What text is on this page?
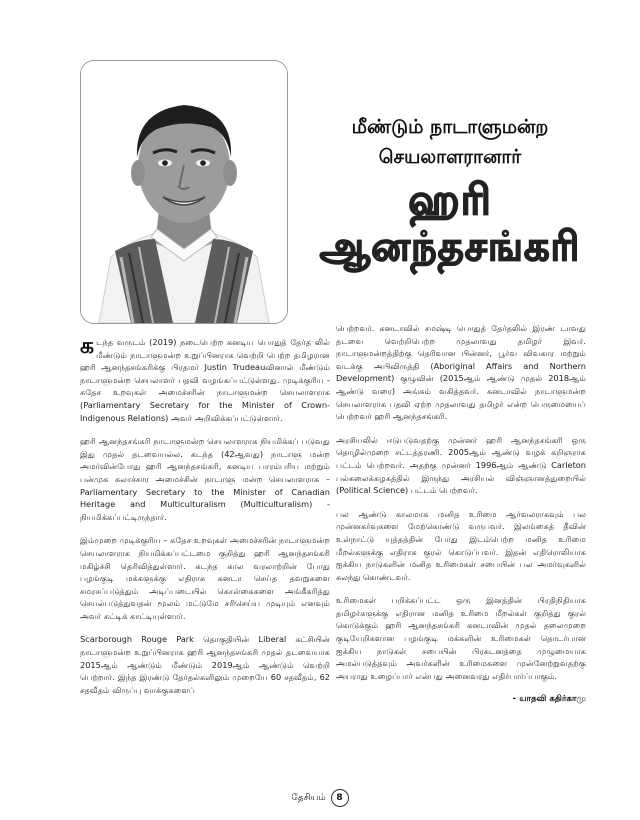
மீண்டும் நாடாளுமன்ற
செயலாளரானார்
ஹரி
ஆனந்தசங்கரி

கடந்த வருடம் (2019) நடைபெற்ற கனடிய பொதுத் தேர்த லில் மீண்டும் நாடாளுமன்ற உறுப்பினராக வெற்றி பெற்ற தமிழரான ஹரி ஆனந்தசங்கரிக்கு பிரதமர் Justin Trudeauவினால் மீண்டும் நாடாளுமன்ற செயலாளர் பதவி வழங்கப்பட்டுள்ளது. முடிக்குரிய - சுதேச உறவுகள் அமைச்சரின் நாடாளுமன்ற செயலாளராக (Parliamentary Secretary for the Minister of Crown- Indigenous Relations) அவர் அறிவிக்கப்பட்டுள்ளார்.

ஹரி ஆனந்தசங்கரி நாடாளுமன்ற செயலாளராக நியமிக்கப் படுவது இது முதல் தடவையல்ல. கடந்த (42ஆவது) நாடாளு மன்ற அமர்வின்போது ஹரி ஆனந்தசங்கரி, கனடிய பாரம்பரிய மற்றும் பன்முக கலாச்சார அமைச்சின் நாடாளு மன்ற செயலாளராக – Parliamentary Secretary to the Minister of Canadian Heritage and Multiculturalism (Multiculturalism) - நியமிக்கப்பட்டிருந்தார்.

இம்முறை முடிக்குரிய – சுதேச உறவுகள் அமைச்சரின் நாடாளுமன்ற செயலாளராக நியமிக்கப்பட்டமை குறித்து ஹரி ஆனந்தசங்கரி மகிழ்ச்சி தெரிவித்துள்ளார். கடந்த கால வரலாற்றின் போது பழங்குடி மக்களுக்கு எதிராக கனடா செய்த தவறுகளை சமரசப்படுத்தும் அடிப்படையில் கொள்கைகளை அங்கீகரித்து செயல்படுத்துவதன் மூலம் மட்டுமே சரிசெய்ய முடியும் எனவும் அவர் சுட்டிக் காட்டியுள்ளார்.

Scarborough Rouge Park தொகுதியின் Liberal கட்சியின் நாடாளுமன்ற உறுப்பினராக ஹரி ஆனந்தசங்கரி முதல் தடவையாக 2015ஆம் ஆண்டும் மீண்டும் 2019ஆம் ஆண்டும் வெற்றி பெற்றார். இந்த இரண்டு தேர்தல்களிலும் முறையே 60 சதவீதம், 62 சதவீதம் விருப்பு வாக்குகளைப்

பெற்றவர். கனடாவில் சமஷ்டி பொதுத் தேர்தலில் இரண் டாவது தடவை வெற்றிபெற்ற முதலாவது தமிழர் இவர். நாடாளுமன்றத்திற்கு தெரிவான பின்னர், பூர்வ விவகார மற்றும் வடக்கு அபிவிருத்தி (Aboriginal Affairs and Northern Development) குழுவின் (2015ஆம் ஆண்டு முதல் 2018ஆம் ஆண்டு வரை) அங்கம் வகித்தவர். கனடாவில் நாடாளுமன்ற செயலாளராக பதவி ஏற்ற முதலாவது தமிழர் என்ற பெருமையைப் பெற்றவர் ஹரி ஆனந்தசங்கரி.

அரசியலில் ஈடுபடுவதற்கு முன்னர் ஹரி ஆனந்தசங்கரி ஒரு தொழில்முறை சட்டத்தரணி. 2005ஆம் ஆண்டு வழக் கறிஞராக பட்டம் பெற்றவர். அதற்கு முன்னர் 1996ஆம் ஆண்டு Carleton பல்கலைக்கழகத்தில் இருந்து அரசியல் விஞ்ஞானத்துறையில் (Political Science) பட்டம் பெற்றவர்.

பல ஆண்டு காலமாக மனித உரிமை ஆர்வலராகவும் பல முன்னகர்வுகளை மேற்கொண்டு வருபவர். இலங்கைத் தீவின் உள்நாட்டு யுத்தத்தின் போது இடம்பெற்ற மனித உரிமை மீறல்களுக்கு எதிராக குரல் கொடுப்பவர். இதன் எதிரொலியாக ஐக்கிய நாடுகளின் மனித உரிமைகள் சபையின் பல அமர்வுகளில் கலந்து கொண்டவர்.

உரிமைகள் பறிக்கப்பட்ட ஒரு இனத்தின் பிரதிநிதியாக தமிழர்களுக்கு எதிரான மனித உரிமை மீறல்கள் குறித்து குரல் கொடுக்கும் ஹரி ஆனந்தசங்கரி கனடாவின் முதல் தலைமுறை குடியேறிகளான பழங்குடி மக்களின் உரிமைகள் தொடர்பான ஐக்கிய நாடுகள் சபையின் பிரகடனத்தை முழுமையாக அமல்படுத்தவும் அவர்களின் உரிமைகளை முன்னேற்றுவதற்கு அயராது உழைப்பார் என்பது அனைவரது எதிர்பார்ப்பாகும்.

- யாதவி கதிர்காமு
தேசியம் 8
